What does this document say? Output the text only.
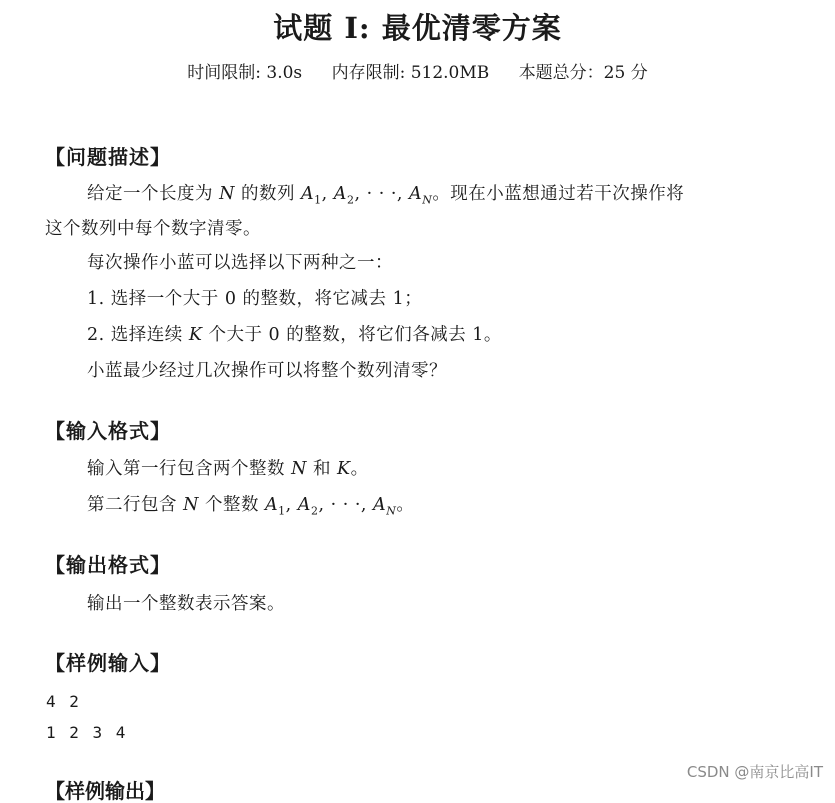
试题 I: 最优清零方案
时间限制: 3.0s 内存限制: 512.0MB 本题总分：25 分
【问题描述】
给定一个长度为 N 的数列 $A_1$, $A_2$, · · ·, $A_N$。现在小蓝想通过若干次操作将
这个数列中每个数字清零。
每次操作小蓝可以选择以下两种之一：
1. 选择一个大于 0 的整数，将它减去 1；
2. 选择连续 K 个大于 0 的整数，将它们各减去 1。
小蓝最少经过几次操作可以将整个数列清零？
【输入格式】
输入第一行包含两个整数 N 和 K。
第二行包含 N 个整数 $A_1$, $A_2$, · · ·, $A_N$。
【输出格式】
输出一个整数表示答案。
【样例输入】
4 2
1 2 3 4
【样例输出】
CSDN @南京比高IT
